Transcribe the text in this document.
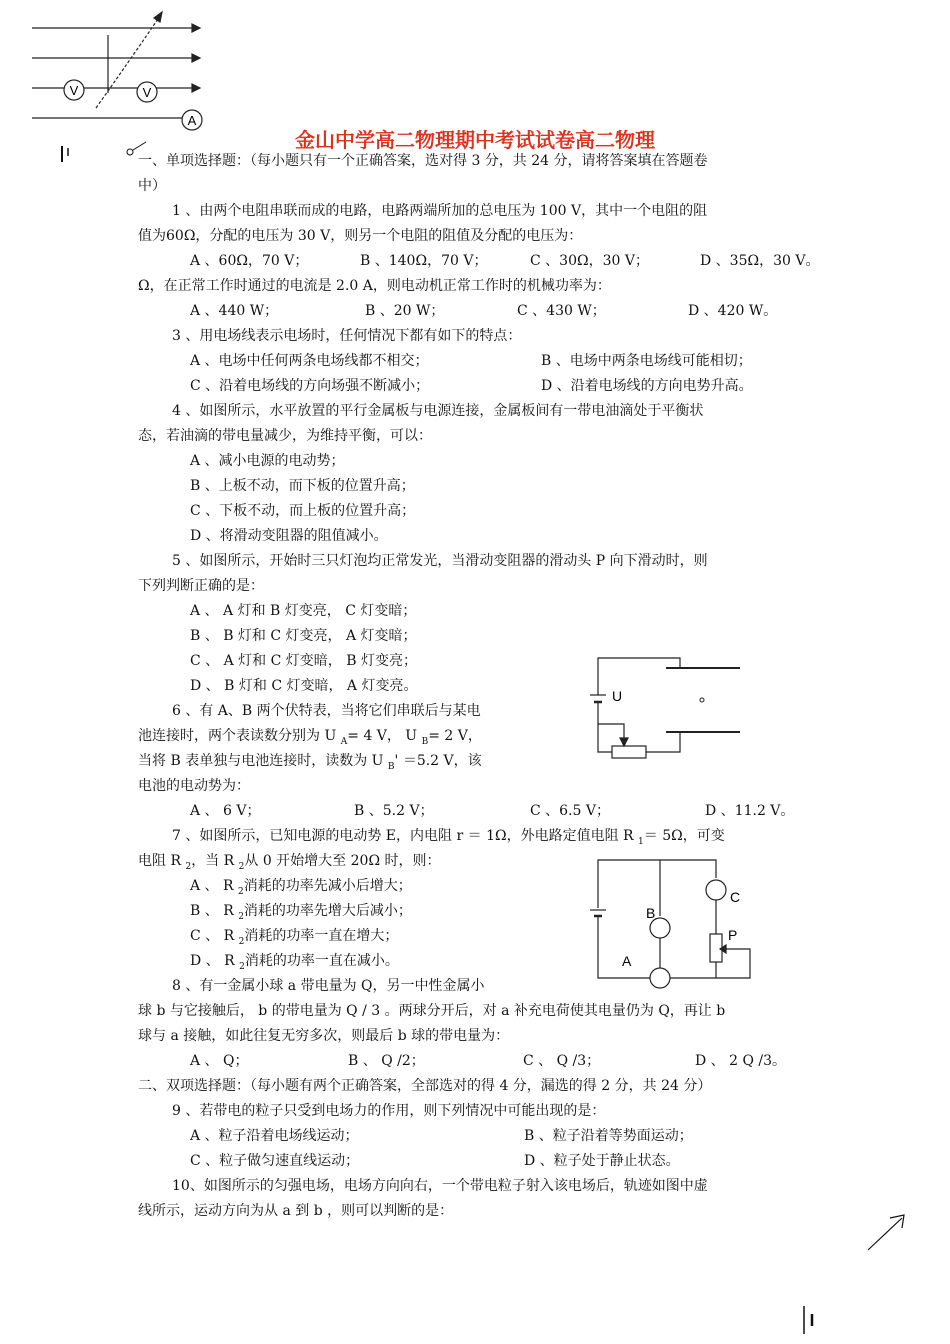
V	V
A
金山中学高二物理期中考试试卷高二物理
U
A
B
C
P
一、单项选择题：（每小题只有一个正确答案，选对得 3 分，共 24 分，请将答案填在答题卷
中）
1 、由两个电阻串联而成的电路，电路两端所加的总电压为 100 V，其中一个电阻的阻
值为60Ω，分配的电压为 30 V，则另一个电阻的阻值及分配的电压为：
A 、60Ω，70 V；	B 、140Ω，70 V；	C 、30Ω，30 V；	D 、35Ω，30 V。
Ω，在正常工作时通过的电流是 2.0 A，则电动机正常工作时的机械功率为：
A 、440 W；	B 、20 W；	C 、430 W；	D 、420 W。
3 、用电场线表示电场时，任何情况下都有如下的特点：
A 、电场中任何两条电场线都不相交；	B 、电场中两条电场线可能相切；
C 、沿着电场线的方向场强不断减小；	D 、沿着电场线的方向电势升高。
4 、如图所示，水平放置的平行金属板与电源连接，金属板间有一带电油滴处于平衡状
态，若油滴的带电量减少，为维持平衡，可以：
A 、减小电源的电动势；
B 、上板不动，而下板的位置升高；
C 、下板不动，而上板的位置升高；
D 、将滑动变阻器的阻值减小。
5 、如图所示，开始时三只灯泡均正常发光，当滑动变阻器的滑动头 P 向下滑动时，则
下列判断正确的是：
A 、 A 灯和 B 灯变亮， C 灯变暗；
B 、 B 灯和 C 灯变亮， A 灯变暗；
C 、 A 灯和 C 灯变暗， B 灯变亮；
D 、 B 灯和 C 灯变暗， A 灯变亮。
6 、有 A、B 两个伏特表，当将它们串联后与某电
池连接时，两个表读数分别为 U $_A$= 4 V， U $_B$= 2 V，
当将 B 表单独与电池连接时，读数为 U $_B$' ＝5.2 V，该
电池的电动势为：
A 、 6 V；	B 、5.2 V；	C 、6.5 V；	D 、11.2 V。
7 、如图所示，已知电源的电动势 E，内电阻 r ＝ 1Ω，外电路定值电阻 R $_1$＝ 5Ω，可变
电阻 R $_2$，当 R $_2$从 0 开始增大至 20Ω 时，则：
A 、 R $_2$消耗的功率先减小后增大；
B 、 R $_2$消耗的功率先增大后减小；
C 、 R $_2$消耗的功率一直在增大；
D 、 R $_2$消耗的功率一直在减小。
8 、有一金属小球 a 带电量为 Q，另一中性金属小
球 b 与它接触后， b 的带电量为 Q / 3 。两球分开后，对 a 补充电荷使其电量仍为 Q，再让 b
球与 a 接触，如此往复无穷多次，则最后 b 球的带电量为：
A 、 Q；	B 、 Q /2；	C 、 Q /3；	D 、 2 Q /3。
二、双项选择题：（每小题有两个正确答案，全部选对的得 4 分，漏选的得 2 分，共 24 分）
9 、若带电的粒子只受到电场力的作用，则下列情况中可能出现的是：
A 、粒子沿着电场线运动；	B 、粒子沿着等势面运动；
C 、粒子做匀速直线运动；	D 、粒子处于静止状态。
10、如图所示的匀强电场，电场方向向右，一个带电粒子射入该电场后，轨迹如图中虚
线所示，运动方向为从 a 到 b ，则可以判断的是：
